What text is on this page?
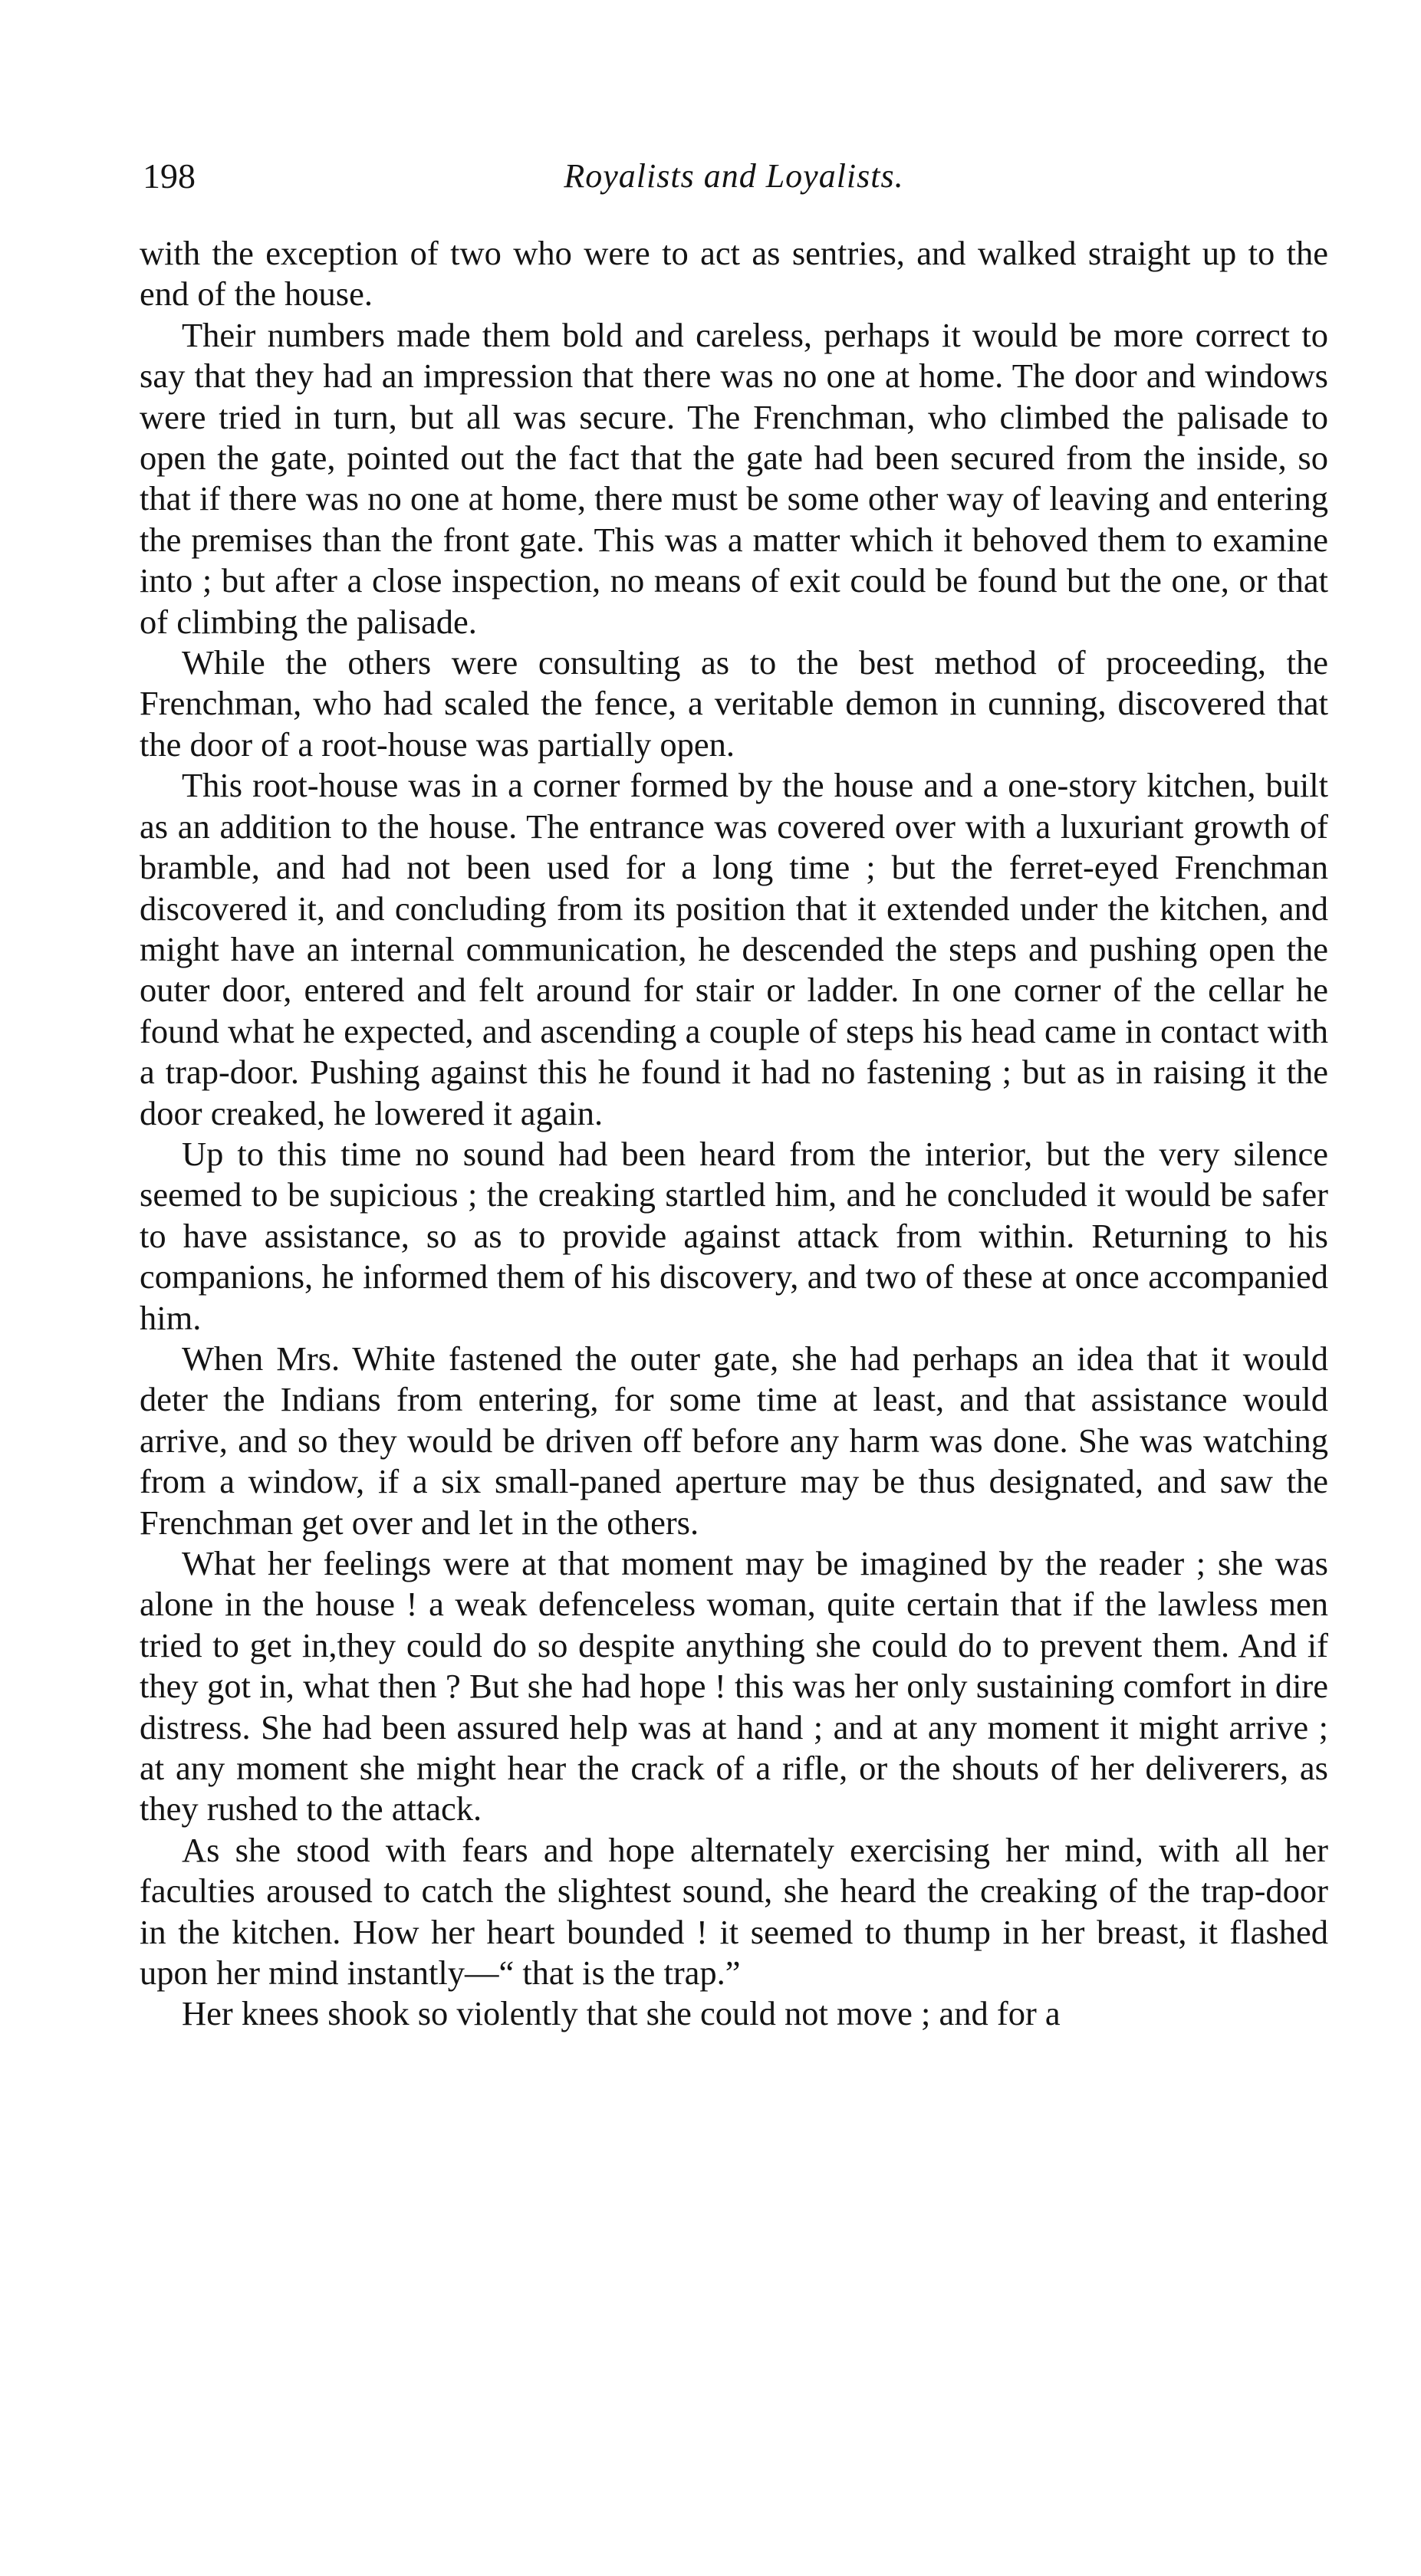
198	Royalists and Loyalists.

with the exception of two who were to act as sentries, and walked straight up to the end of the house.

Their numbers made them bold and careless, perhaps it would be more correct to say that they had an impression that there was no one at home. The door and windows were tried in turn, but all was secure. The Frenchman, who climbed the palisade to open the gate, pointed out the fact that the gate had been secured from the inside, so that if there was no one at home, there must be some other way of leaving and entering the premises than the front gate. This was a matter which it behoved them to examine into ; but after a close inspection, no means of exit could be found but the one, or that of climbing the palisade.

While the others were consulting as to the best method of proceeding, the Frenchman, who had scaled the fence, a veritable demon in cunning, discovered that the door of a root-house was partially open.

This root-house was in a corner formed by the house and a one-story kitchen, built as an addition to the house. The entrance was covered over with a luxuriant growth of bramble, and had not been used for a long time ; but the ferret-eyed Frenchman discovered it, and concluding from its position that it extended under the kitchen, and might have an internal communication, he descended the steps and pushing open the outer door, entered and felt around for stair or ladder. In one corner of the cellar he found what he expected, and ascending a couple of steps his head came in contact with a trap-door. Pushing against this he found it had no fastening ; but as in raising it the door creaked, he lowered it again.

Up to this time no sound had been heard from the interior, but the very silence seemed to be supicious ; the creaking startled him, and he concluded it would be safer to have assistance, so as to provide against attack from within. Returning to his companions, he informed them of his discovery, and two of these at once accompanied him.

When Mrs. White fastened the outer gate, she had perhaps an idea that it would deter the Indians from entering, for some time at least, and that assistance would arrive, and so they would be driven off before any harm was done. She was watching from a window, if a six small-paned aperture may be thus designated, and saw the Frenchman get over and let in the others.

What her feelings were at that moment may be imagined by the reader ; she was alone in the house ! a weak defenceless woman, quite certain that if the lawless men tried to get in,they could do so despite anything she could do to prevent them. And if they got in, what then ? But she had hope ! this was her only sustaining comfort in dire distress. She had been assured help was at hand ; and at any moment it might arrive ; at any moment she might hear the crack of a rifle, or the shouts of her deliverers, as they rushed to the attack.

As she stood with fears and hope alternately exercising her mind, with all her faculties aroused to catch the slightest sound, she heard the creaking of the trap-door in the kitchen. How her heart bounded ! it seemed to thump in her breast, it flashed upon her mind instantly—“ that is the trap.”

Her knees shook so violently that she could not move ; and for a
